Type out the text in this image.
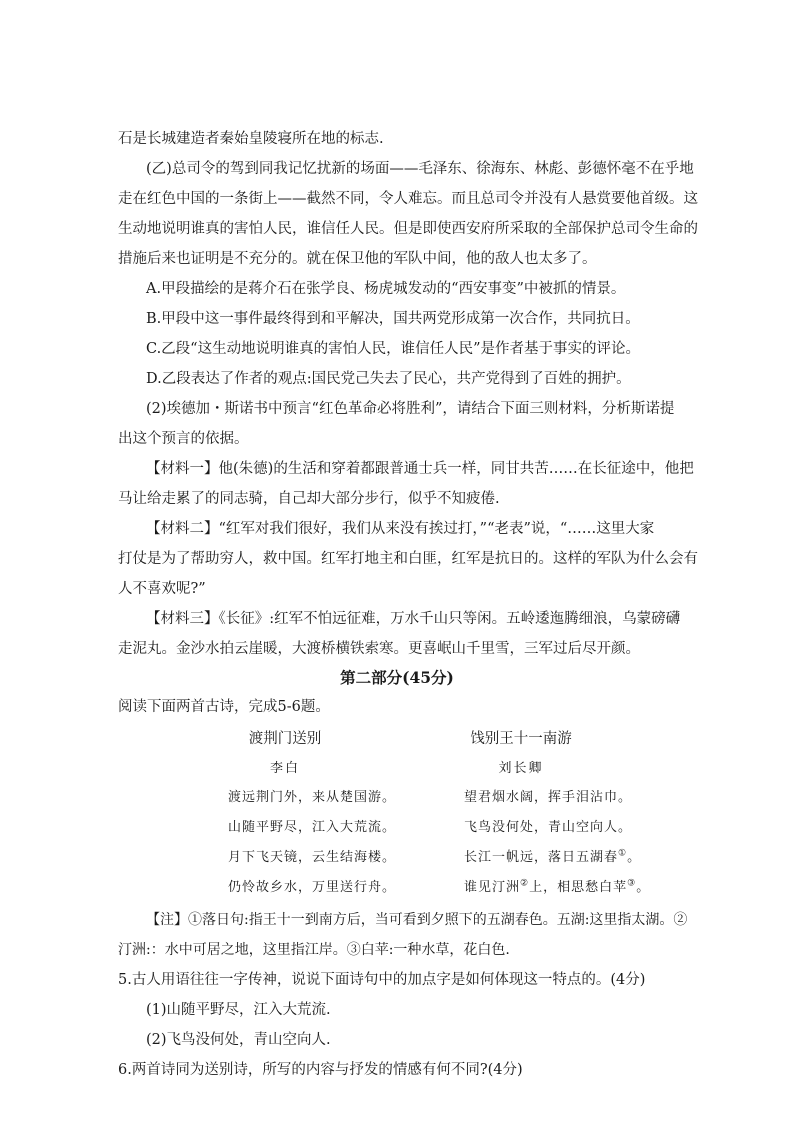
石是长城建造者秦始皇陵寝所在地的标志.
(乙)总司令的驾到同我记忆扰新的场面——毛泽东、徐海东、林彪、彭德怀毫不在乎地
走在红色中国的一条街上——截然不同，令人难忘。而且总司令并没有人悬赏要他首级。这
生动地说明谁真的害怕人民，谁信任人民。但是即使西安府所采取的全部保护总司令生命的
措施后来也证明是不充分的。就在保卫他的军队中间，他的敌人也太多了。
A.甲段描绘的是蒋介石在张学良、杨虎城发动的“西安事变”中被抓的情景。
B.甲段中这一事件最终得到和平解决，国共两党形成第一次合作，共同抗日。
C.乙段“这生动地说明谁真的害怕人民，谁信任人民”是作者基于事实的评论。
D.乙段表达了作者的观点:国民党己失去了民心，共产党得到了百姓的拥护。
(2)埃德加・斯诺书中预言“红色革命必将胜利”，请结合下面三则材料，分析斯诺提
出这个预言的依据。
【材料一】他(朱德)的生活和穿着都跟普通士兵一样，同甘共苦……在长征途中，他把
马让给走累了的同志骑，自己却大部分步行，似乎不知疲倦.
【材料二】“红军对我们很好，我们从来没有挨过打，”“老表”说，“……这里大家
打仗是为了帮助穷人，救中国。红军打地主和白匪，红军是抗日的。这样的军队为什么会有
人不喜欢呢?”
【材料三】《长征》:红军不怕远征难，万水千山只等闲。五岭逶迤腾细浪，乌蒙磅礴
走泥丸。金沙水拍云崖暖，大渡桥横铁索寒。更喜岷山千里雪，三军过后尽开颜。
第二部分(45分)
阅读下面两首古诗，完成5-6题。
渡荆门送别
李白
渡远荆门外，来从楚国游。
山随平野尽，江入大荒流。
月下飞天镜，云生结海楼。
仍怜故乡水，万里送行舟。
饯别王十一南游
刘长卿
望君烟水阔，挥手泪沾巾。
飞鸟没何处，青山空向人。
长江一帆远，落日五湖春①。
谁见汀洲②上，相思愁白苹③。
【注】①落日句:指王十一到南方后，当可看到夕照下的五湖春色。五湖:这里指太湖。②
汀洲:：水中可居之地，这里指江岸。③白苹:一种水草，花白色.
5.古人用语往往一字传神，说说下面诗句中的加点字是如何体现这一特点的。(4分)
(1)山随平野尽，江入大荒流.
(2)飞鸟没何处，青山空向人.
6.两首诗同为送别诗，所写的内容与抒发的情感有何不同?(4分)
